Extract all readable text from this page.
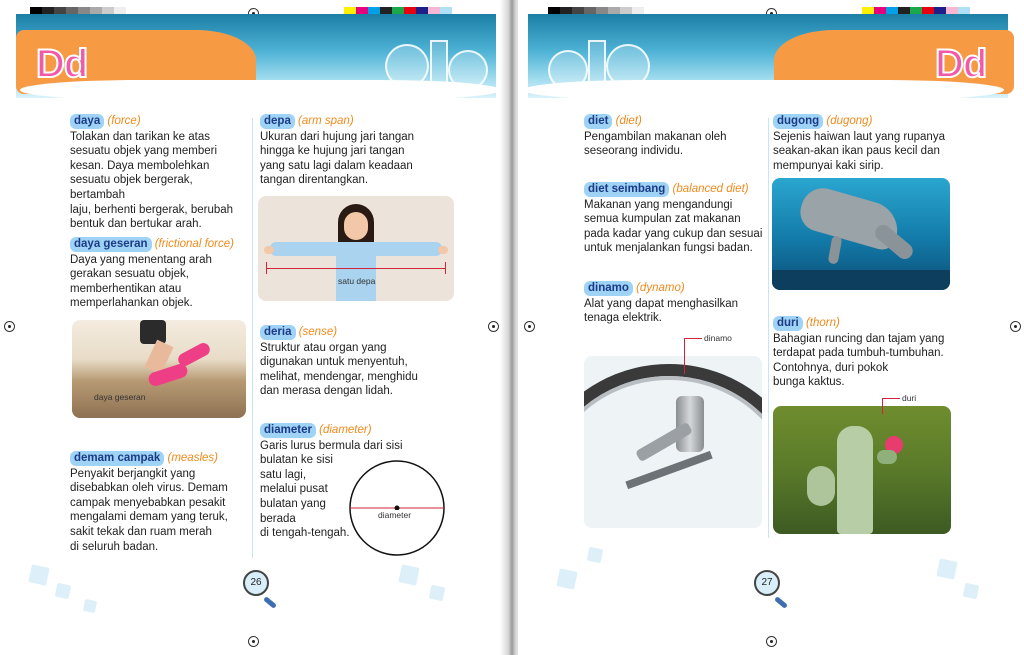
Dd
daya (force)
Tolakan dan tarikan ke atas
sesuatu objek yang memberi
kesan. Daya membolehkan
sesuatu objek bergerak, bertambah
laju, berhenti bergerak, berubah
bentuk dan bertukar arah.
daya geseran (frictional force)
Daya yang menentang arah
gerakan sesuatu objek,
memberhentikan atau
memperlahankan objek.
daya geseran
demam campak (measles)
Penyakit berjangkit yang
disebabkan oleh virus. Demam
campak menyebabkan pesakit
mengalami demam yang teruk,
sakit tekak dan ruam merah
di seluruh badan.
depa (arm span)
Ukuran dari hujung jari tangan
hingga ke hujung jari tangan
yang satu lagi dalam keadaan
tangan direntangkan.
satu depa
deria (sense)
Struktur atau organ yang
digunakan untuk menyentuh,
melihat, mendengar, menghidu
dan merasa dengan lidah.
diameter (diameter)
Garis lurus bermula dari sisi
bulatan ke sisi
satu lagi,
melalui pusat
bulatan yang
berada
di tengah-tengah.
diameter
26
Dd
diet (diet)
Pengambilan makanan oleh
seseorang individu.
diet seimbang (balanced diet)
Makanan yang mengandungi
semua kumpulan zat makanan
pada kadar yang cukup dan sesuai
untuk menjalankan fungsi badan.
dinamo (dynamo)
Alat yang dapat menghasilkan
tenaga elektrik.
dinamo
dugong (dugong)
Sejenis haiwan laut yang rupanya
seakan-akan ikan paus kecil dan
mempunyai kaki sirip.
duri (thorn)
Bahagian runcing dan tajam yang
terdapat pada tumbuh-tumbuhan.
Contohnya, duri pokok
bunga kaktus.
duri
27
